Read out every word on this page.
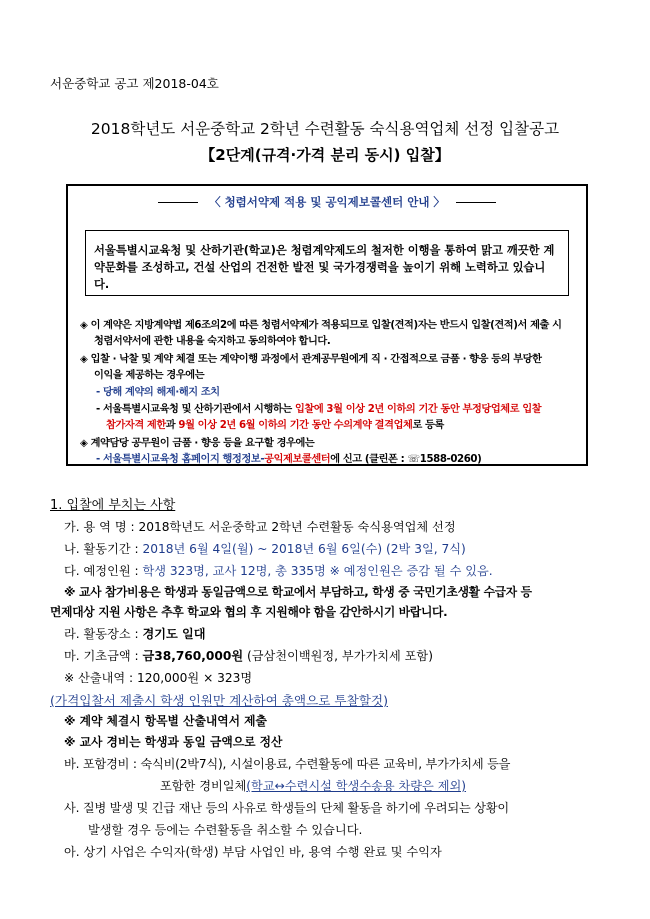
서운중학교 공고 제2018-04호
2018학년도 서운중학교 2학년 수련활동 숙식용역업체 선정 입찰공고
【2단계(규격·가격 분리 동시) 입찰】
〈 청렴서약제 적용 및 공익제보콜센터 안내 〉
서울특별시교육청 및 산하기관(학교)은 청렴계약제도의 철저한 이행을 통하여 맑고 깨끗한 계약문화를 조성하고, 건설 산업의 건전한 발전 및 국가경쟁력을 높이기 위해 노력하고 있습니다.
◈ 이 계약은 지방계약법 제6조의2에 따른 청렴서약제가 적용되므로 입찰(견적)자는 반드시 입찰(견적)서 제출 시
청렴서약서에 관한 내용을 숙지하고 동의하여야 합니다.
◈ 입찰 · 낙찰 및 계약 체결 또는 계약이행 과정에서 관계공무원에게 직 · 간접적으로 금품 · 향응 등의 부당한
이익을 제공하는 경우에는
- 당해 계약의 해제·해지 조치
- 서울특별시교육청 및 산하기관에서 시행하는 입찰에 3월 이상 2년 이하의 기간 동안 부정당업체로 입찰
참가자격 제한과 9월 이상 2년 6월 이하의 기간 동안 수의계약 결격업체로 등록
◈ 계약담당 공무원이 금품 · 향응 등을 요구할 경우에는
- 서울특별시교육청 홈페이지 행정정보-공익제보콜센터에 신고 (클린폰 : ☏1588-0260)
1. 입찰에 부치는 사항
가. 용 역 명 : 2018학년도 서운중학교 2학년 수련활동 숙식용역업체 선정
나. 활동기간 : 2018년 6월 4일(월) ~ 2018년 6월 6일(수) (2박 3일, 7식)
다. 예정인원 : 학생 323명, 교사 12명, 총 335명 ※ 예정인원은 증감 될 수 있음.
※ 교사 참가비용은 학생과 동일금액으로 학교에서 부담하고, 학생 중 국민기초생활 수급자 등
면제대상 지원 사항은 추후 학교와 협의 후 지원해야 함을 감안하시기 바랍니다.
라. 활동장소 : 경기도 일대
마. 기초금액 : 금38,760,000원 (금삼천이백원정, 부가가치세 포함)
※ 산출내역 : 120,000원 × 323명
(가격입찰서 제출시 학생 인원만 계산하여 총액으로 투찰할것)
※ 계약 체결시 항목별 산출내역서 제출
※ 교사 경비는 학생과 동일 금액으로 정산
바. 포함경비 : 숙식비(2박7식), 시설이용료, 수련활동에 따른 교육비, 부가가치세 등을
포함한 경비일체(학교↔수련시설 학생수송용 차량은 제외)
사. 질병 발생 및 긴급 재난 등의 사유로 학생들의 단체 활동을 하기에 우려되는 상황이
발생할 경우 등에는 수련활동을 취소할 수 있습니다.
아. 상기 사업은 수익자(학생) 부담 사업인 바, 용역 수행 완료 및 수익자
